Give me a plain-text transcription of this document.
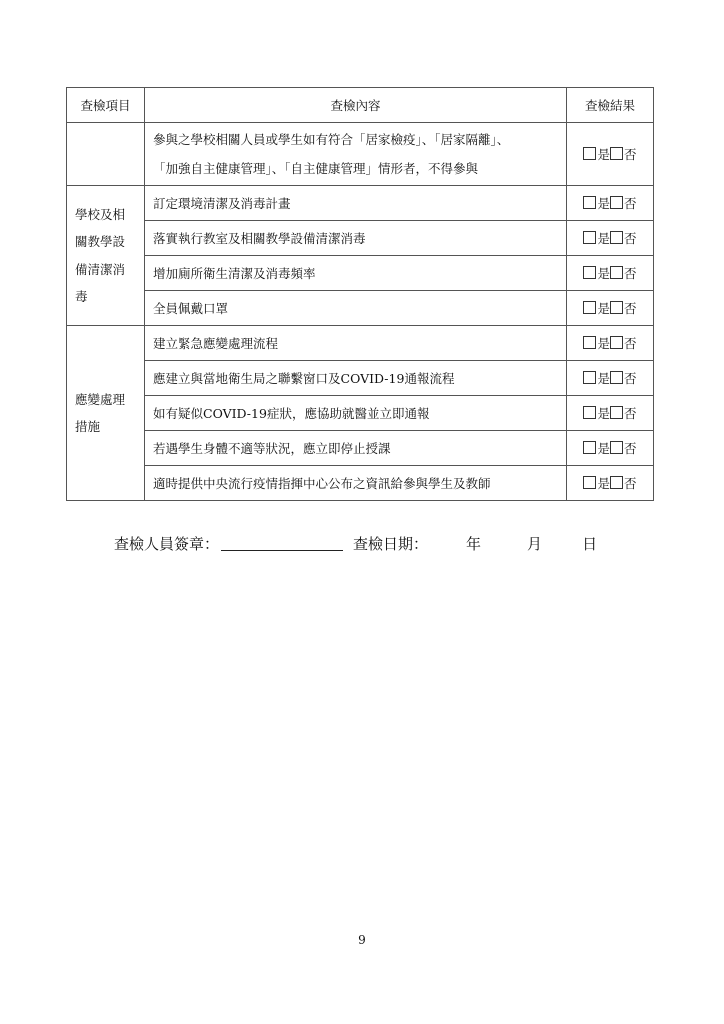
查檢項目	查檢內容	查檢結果
	參與之學校相關人員或學生如有符合「居家檢疫」、「居家隔離」、
「加強自主健康管理」、「自主健康管理」情形者，不得參與	是 否
學校及相
關教學設
備清潔消
毒	訂定環境清潔及消毒計畫	是 否
	落實執行教室及相關教學設備清潔消毒	是 否
	增加廁所衛生清潔及消毒頻率	是 否
	全員佩戴口罩	是 否
應變處理
措施	建立緊急應變處理流程	是 否
	應建立與當地衛生局之聯繫窗口及COVID-19通報流程	是 否
	如有疑似COVID-19症狀，應協助就醫並立即通報	是 否
	若遇學生身體不適等狀況，應立即停止授課	是 否
	適時提供中央流行疫情指揮中心公布之資訊給參與學生及教師	是 否
查檢人員簽章：	查檢日期：	年	月	日
9
